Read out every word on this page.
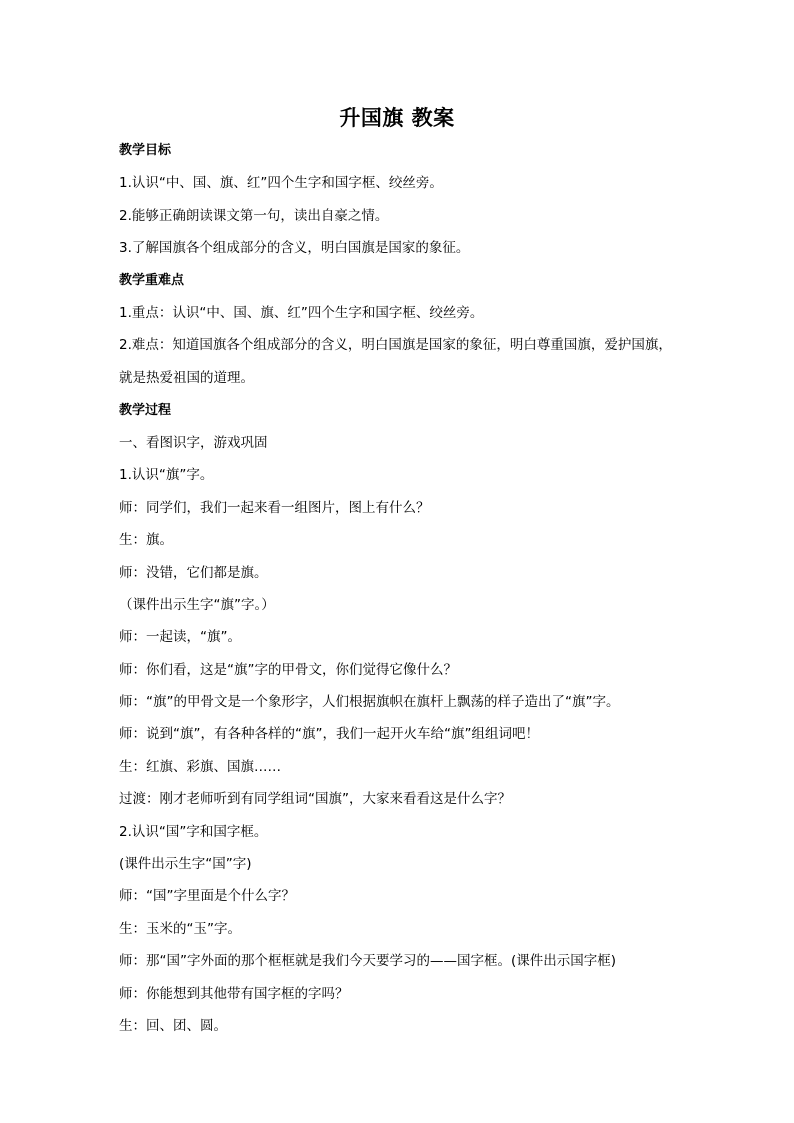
升国旗 教案
教学目标
1.认识“中、国、旗、红”四个生字和国字框、绞丝旁。
2.能够正确朗读课文第一句，读出自豪之情。
3.了解国旗各个组成部分的含义，明白国旗是国家的象征。
教学重难点
1.重点：认识“中、国、旗、红”四个生字和国字框、绞丝旁。
2.难点：知道国旗各个组成部分的含义，明白国旗是国家的象征，明白尊重国旗，爱护国旗，就是热爱祖国的道理。
教学过程
一、看图识字，游戏巩固
1.认识“旗”字。
师：同学们，我们一起来看一组图片，图上有什么？
生：旗。
师：没错，它们都是旗。
（课件出示生字“旗”字。）
师：一起读，“旗”。
师：你们看，这是“旗”字的甲骨文，你们觉得它像什么？
师：“旗”的甲骨文是一个象形字，人们根据旗帜在旗杆上飘荡的样子造出了“旗”字。
师：说到“旗”，有各种各样的“旗”，我们一起开火车给“旗”组组词吧！
生：红旗、彩旗、国旗……
过渡：刚才老师听到有同学组词“国旗”，大家来看看这是什么字？
2.认识“国”字和国字框。
(课件出示生字“国”字)
师：“国”字里面是个什么字？
生：玉米的“玉”字。
师：那“国”字外面的那个框框就是我们今天要学习的——国字框。(课件出示国字框)
师：你能想到其他带有国字框的字吗？
生：回、团、圆。
